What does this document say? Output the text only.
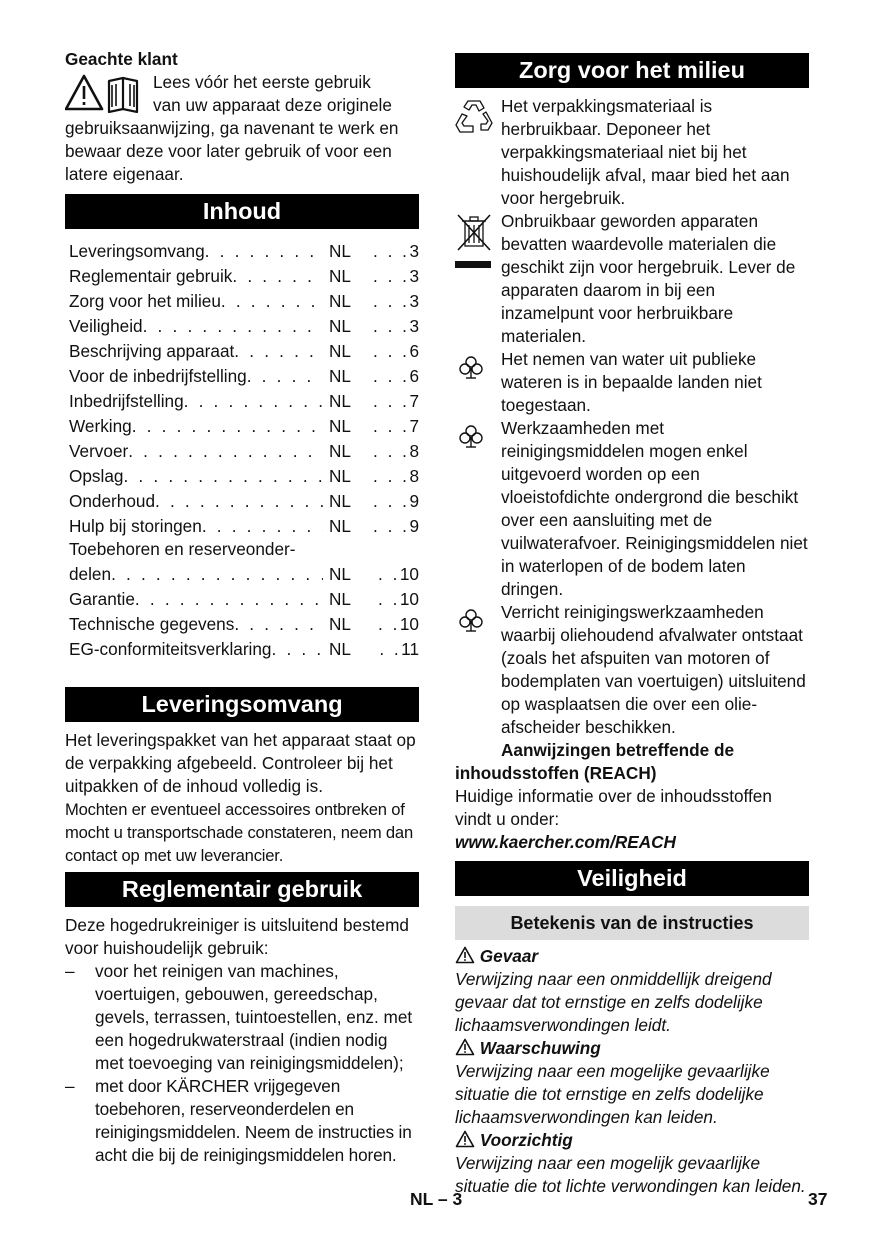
Geachte klant
Lees vóór het eerste gebruik
van uw apparaat deze originele
gebruiksaanwijzing, ga navenant te werk en bewaar deze voor later gebruik of voor een latere eigenaar.
Inhoud
Leveringsomvang . . .	NL	. . .3
Reglementair gebruik . . .	NL	. . .3
Zorg voor het milieu . . .	NL	. . .3
Veiligheid . . .	NL	. . .3
Beschrijving apparaat . . .	NL	. . .6
Voor de inbedrijfstelling . . .	NL	. . .6
Inbedrijfstelling . . .	NL	. . .7
Werking . . .	NL	. . .7
Vervoer . . .	NL	. . .8
Opslag . . .	NL	. . .8
Onderhoud . . .	NL	. . .9
Hulp bij storingen . . .	NL	. . .9
Toebehoren en reserveonder-
delen . . .	NL	. .10
Garantie . . .	NL	. .10
Technische gegevens . . .	NL	. .10
EG-conformiteitsverklaring . . .	NL	. .11
Leveringsomvang
Het leveringspakket van het apparaat staat op de verpakking afgebeeld. Controleer bij het uitpakken of de inhoud volledig is.
Mochten er eventueel accessoires ontbreken of mocht u transportschade constateren, neem dan contact op met uw leverancier.
Reglementair gebruik
Deze hogedrukreiniger is uitsluitend bestemd voor huishoudelijk gebruik:
– voor het reinigen van machines, voertuigen, gebouwen, gereedschap, gevels, terrassen, tuintoestellen, enz. met een hogedrukwaterstraal (indien nodig met toevoeging van reinigingsmiddelen);
– met door KÄRCHER vrijgegeven toebehoren, reserveonderdelen en reinigingsmiddelen. Neem de instructies in acht die bij de reinigingsmiddelen horen.
Zorg voor het milieu
Het verpakkingsmateriaal is herbruikbaar. Deponeer het verpakkingsmateriaal niet bij het huishoudelijk afval, maar bied het aan voor hergebruik.
Onbruikbaar geworden apparaten bevatten waardevolle materialen die geschikt zijn voor hergebruik. Lever de apparaten daarom in bij een inzamelpunt voor herbruikbare materialen.
Het nemen van water uit publieke wateren is in bepaalde landen niet toegestaan.
Werkzaamheden met reinigingsmiddelen mogen enkel uitgevoerd worden op een vloeistofdichte ondergrond die beschikt over een aansluiting met de vuilwaterafvoer. Reinigingsmiddelen niet in waterlopen of de bodem laten dringen.
Verricht reinigingswerkzaamheden waarbij oliehoudend afvalwater ontstaat (zoals het afspuiten van motoren of bodemplaten van voertuigen) uitsluitend op wasplaatsen die over een olie-afscheider beschikken.
Aanwijzingen betreffende de inhoudsstoffen (REACH)
Huidige informatie over de inhoudsstoffen vindt u onder:
www.kaercher.com/REACH
Veiligheid
Betekenis van de instructies
Gevaar
Verwijzing naar een onmiddellijk dreigend gevaar dat tot ernstige en zelfs dodelijke lichaamsverwondingen leidt.
Waarschuwing
Verwijzing naar een mogelijke gevaarlijke situatie die tot ernstige en zelfs dodelijke lichaamsverwondingen kan leiden.
Voorzichtig
Verwijzing naar een mogelijk gevaarlijke situatie die tot lichte verwondingen kan leiden.
NL – 3	37
